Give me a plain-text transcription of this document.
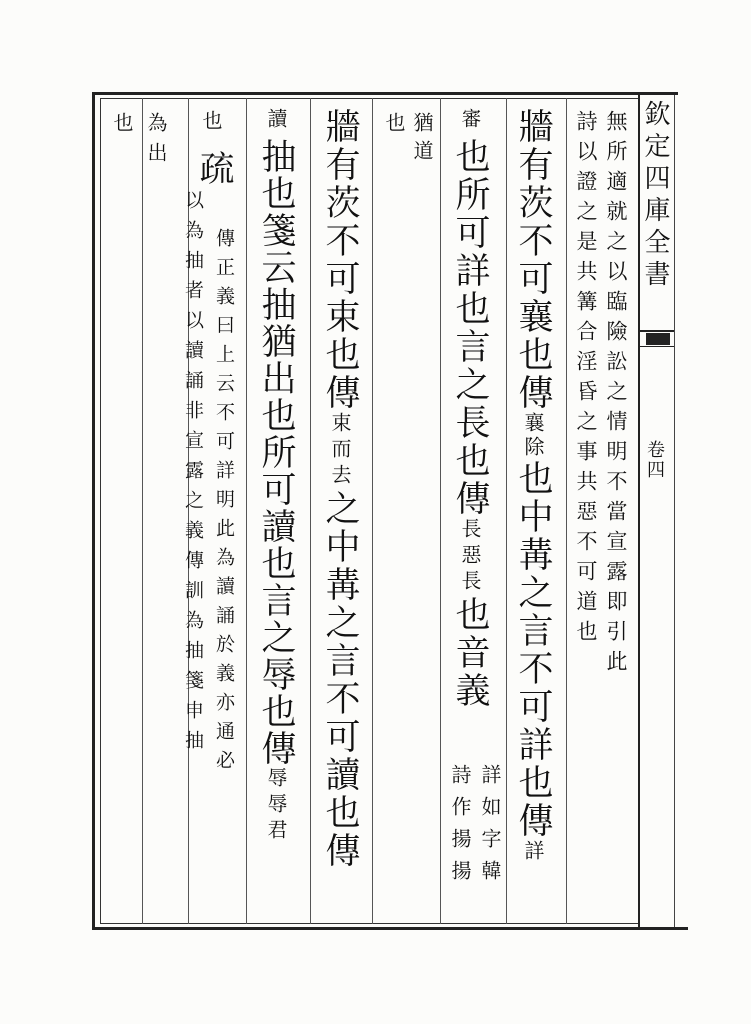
欽定四庫全書
卷四
無所適就之以臨險訟之情明不當宣露即引此
詩以證之是共篝合淫昏之事共惡不可道也
牆有茨不可襄也傳襄除也中冓之言不可詳也傳詳
審也所可詳也言之長也傳長惡長也音義
詳如字韓
詩作揚揚
猶道
也
牆有茨不可束也傳束而去之中冓之言不可讀也傳
讀抽也箋云抽猶出也所可讀也言之辱也傳辱辱君
也
疏
傳正義曰上云不可詳明此為讀誦於義亦通必
以為抽者以讀誦非宣露之義傳訓為抽箋申抽
為出
也
